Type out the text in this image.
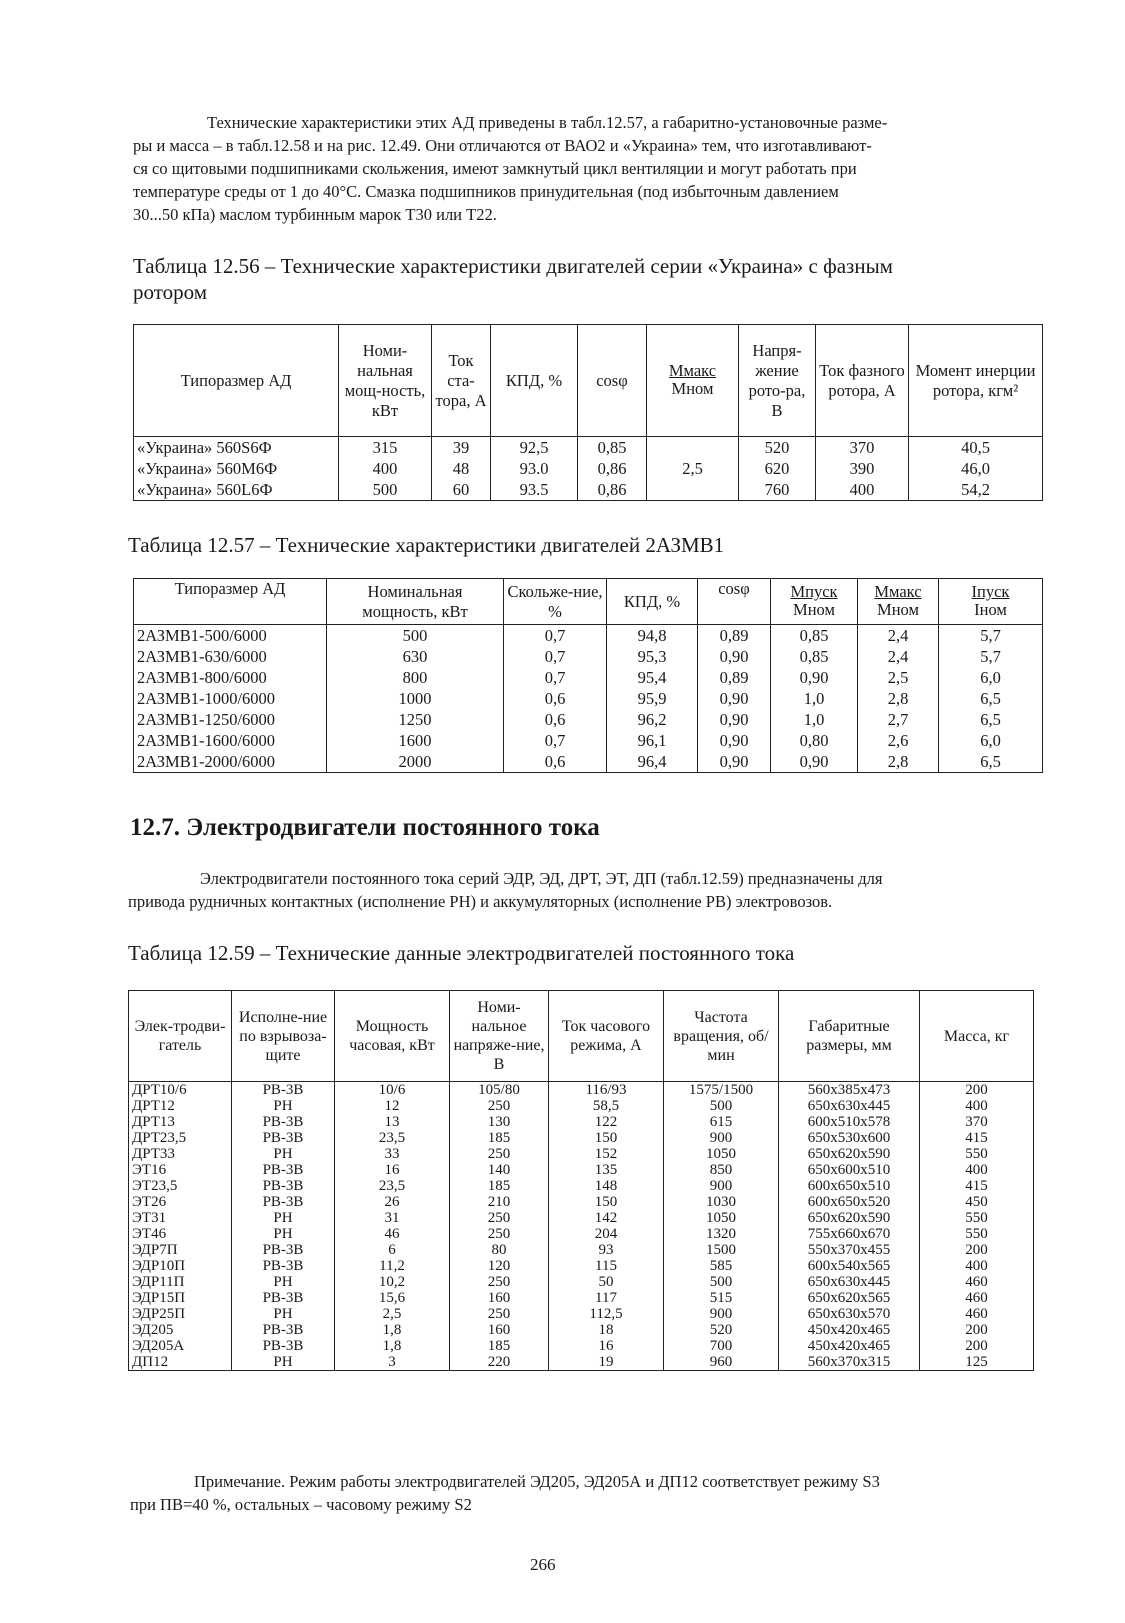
Технические характеристики этих АД приведены в табл.12.57, а габаритно-установочные разме-
ры и масса – в табл.12.58 и на рис. 12.49. Они отличаются от ВАО2 и «Украина» тем, что изготавливают-
ся со щитовыми подшипниками скольжения, имеют замкнутый цикл вентиляции и могут работать при
температуре среды от 1 до 40°С. Смазка подшипников принудительная (под избыточным давлением
30...50 кПа) маслом турбинным марок Т30 или Т22.
Таблица 12.56 – Технические характеристики двигателей серии «Украина» с фазным
ротором
Типоразмер АД	Номи-нальная мощ-ность, кВт	Ток ста-тора, А	КПД, %	cosφ	$\frac{\text{Ммакс}}{\text{Мном}}$	Напря-жение рото-ра, В	Ток фазного ротора, А	Момент инерции ротора, кгм²
«Украина» 560S6Ф	315	39	92,5	0,85	2,5	520	370	40,5
«Украина» 560М6Ф	400	48	93.0	0,86		620	390	46,0
«Украина» 560L6Ф	500	60	93.5	0,86		760	400	54,2
Таблица 12.57 – Технические характеристики двигателей 2АЗМВ1
Типоразмер АД	Номинальная мощность, кВт	Скольже-ние, %	КПД, %	cosφ	$\frac{\text{Мпуск}}{\text{Мном}}$	$\frac{\text{Ммакс}}{\text{Мном}}$	$\frac{\text{Iпуск}}{\text{Iном}}$

2АЗМВ1-500/6000	500	0,7	94,8	0,89	0,85	2,4	5,7
2АЗМВ1-630/6000	630	0,7	95,3	0,90	0,85	2,4	5,7
2АЗМВ1-800/6000	800	0,7	95,4	0,89	0,90	2,5	6,0
2АЗМВ1-1000/6000	1000	0,6	95,9	0,90	1,0	2,8	6,5
2АЗМВ1-1250/6000	1250	0,6	96,2	0,90	1,0	2,7	6,5
2АЗМВ1-1600/6000	1600	0,7	96,1	0,90	0,80	2,6	6,0
2АЗМВ1-2000/6000	2000	0,6	96,4	0,90	0,90	2,8	6,5
12.7. Электродвигатели постоянного тока
Электродвигатели постоянного тока серий ЭДР, ЭД, ДРТ, ЭТ, ДП (табл.12.59) предназначены для
привода рудничных контактных (исполнение РН) и аккумуляторных (исполнение РВ) электровозов.
Таблица 12.59 – Технические данные электродвигателей постоянного тока
Элек-тродви-гатель	Исполне-ние по взрывоза-щите	Мощность часовая, кВт	Номи-нальное напряже-ние, В	Ток часового режима, А	Частота вращения, об/мин	Габаритные размеры, мм	Масса, кг
ДРТ10/6	РВ-3В	10/6	105/80	116/93	1575/1500	560х385х473	200
ДРТ12	РН	12	250	58,5	500	650х630х445	400
ДРТ13	РВ-3В	13	130	122	615	600х510х578	370
ДРТ23,5	РВ-3В	23,5	185	150	900	650х530х600	415
ДРТ33	РН	33	250	152	1050	650х620х590	550
ЭТ16	РВ-3В	16	140	135	850	650х600х510	400
ЭТ23,5	РВ-3В	23,5	185	148	900	600х650х510	415
ЭТ26	РВ-3В	26	210	150	1030	600х650х520	450
ЭТ31	РН	31	250	142	1050	650х620х590	550
ЭТ46	РН	46	250	204	1320	755х660х670	550
ЭДР7П	РВ-3В	6	80	93	1500	550х370х455	200
ЭДР10П	РВ-3В	11,2	120	115	585	600х540х565	400
ЭДР11П	РН	10,2	250	50	500	650х630х445	460
ЭДР15П	РВ-3В	15,6	160	117	515	650х620х565	460
ЭДР25П	РН	2,5	250	112,5	900	650х630х570	460
ЭД205	РВ-3В	1,8	160	18	520	450х420х465	200
ЭД205А	РВ-3В	1,8	185	16	700	450х420х465	200
ДП12	РН	3	220	19	960	560х370х315	125
Примечание. Режим работы электродвигателей ЭД205, ЭД205А и ДП12 соответствует режиму S3
при ПВ=40 %, остальных – часовому режиму S2
266
